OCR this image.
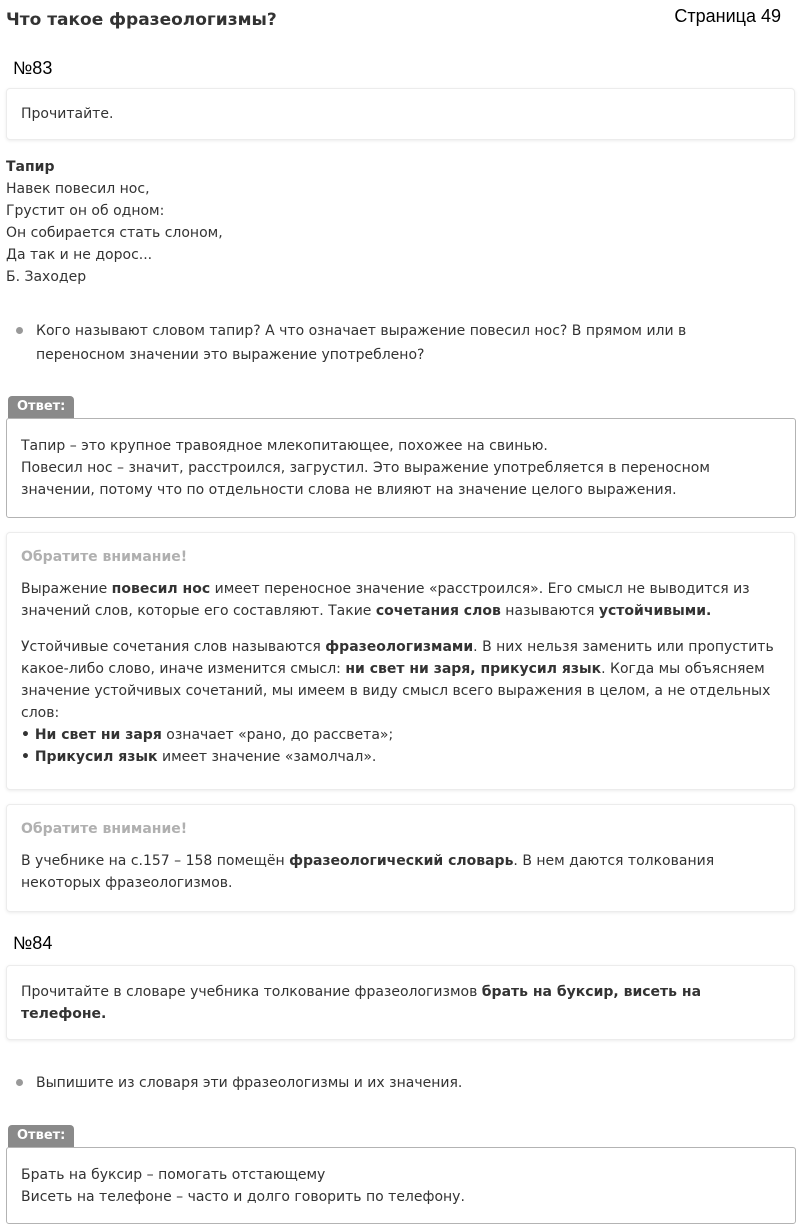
Что такое фразеологизмы?	Страница 49
№83
Прочитайте.
Тапир
Навек повесил нос,
Грустит он об одном:
Он собирается стать слоном,
Да так и не дорос...
Б. Заходер
Кого называют словом тапир? А что означает выражение повесил нос? В прямом или в
переносном значении это выражение употреблено?
Ответ:
Тапир – это крупное травоядное млекопитающее, похожее на свинью.
Повесил нос – значит, расстроился, загрустил. Это выражение употребляется в переносном
значении, потому что по отдельности слова не влияют на значение целого выражения.
Обратите внимание!

Выражение повесил нос имеет переносное значение «расстроился». Его смысл не выводится из значений слов, которые его составляют. Такие сочетания слов называются устойчивыми.

Устойчивые сочетания слов называются фразеологизмами. В них нельзя заменить или пропустить какое-либо слово, иначе изменится смысл: ни свет ни заря, прикусил язык. Когда мы объясняем значение устойчивых сочетаний, мы имеем в виду смысл всего выражения в целом, а не отдельных слов:

• Ни свет ни заря означает «рано, до рассвета»;
• Прикусил язык имеет значение «замолчал».
Обратите внимание!

В учебнике на с.157 – 158 помещён фразеологический словарь. В нем даются толкования некоторых фразеологизмов.

№84
Прочитайте в словаре учебника толкование фразеологизмов брать на буксир, висеть на телефоне.
Выпишите из словаря эти фразеологизмы и их значения.
Ответ:
Брать на буксир – помогать отстающему
Висеть на телефоне – часто и долго говорить по телефону.
